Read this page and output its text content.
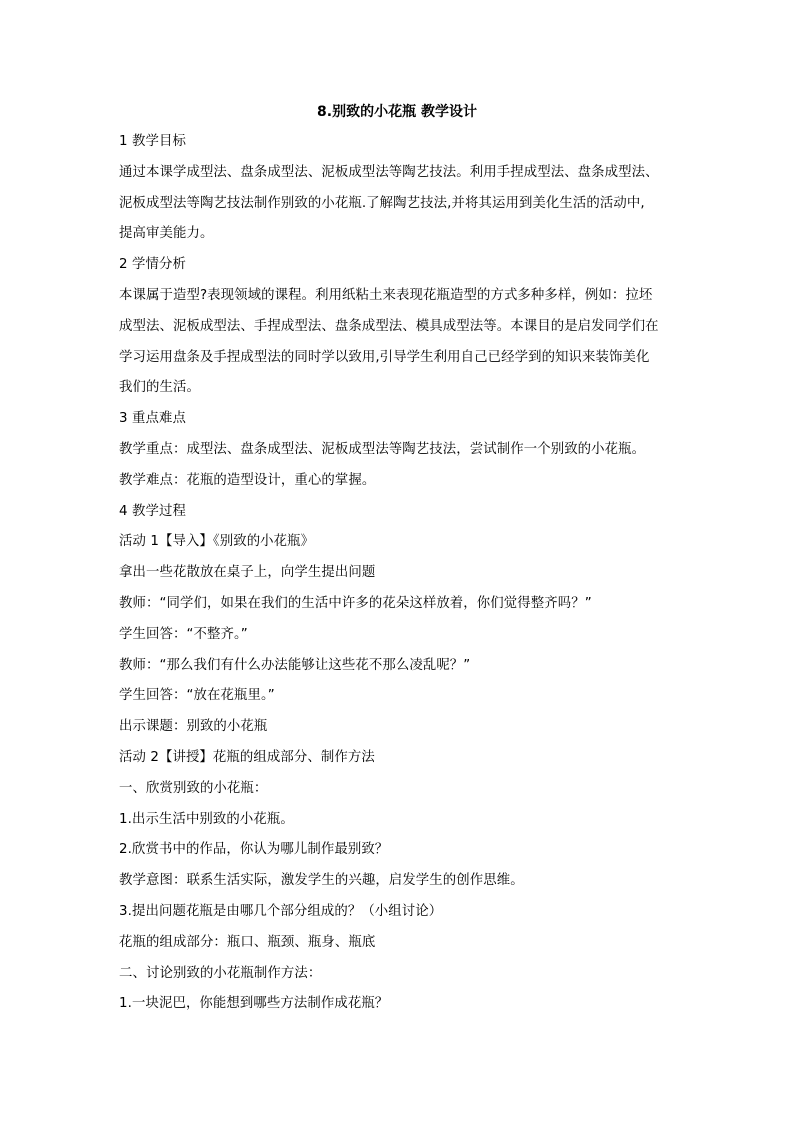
8.别致的小花瓶 教学设计
1 教学目标
通过本课学成型法、盘条成型法、泥板成型法等陶艺技法。利用手捏成型法、盘条成型法、
泥板成型法等陶艺技法制作别致的小花瓶.了解陶艺技法,并将其运用到美化生活的活动中,
提高审美能力。
2 学情分析
本课属于造型?表现领域的课程。利用纸粘土来表现花瓶造型的方式多种多样，例如：拉坯
成型法、泥板成型法、手捏成型法、盘条成型法、模具成型法等。本课目的是启发同学们在
学习运用盘条及手捏成型法的同时学以致用,引导学生利用自己已经学到的知识来装饰美化
我们的生活。
3 重点难点
教学重点：成型法、盘条成型法、泥板成型法等陶艺技法，尝试制作一个别致的小花瓶。
教学难点：花瓶的造型设计，重心的掌握。
4 教学过程
活动 1【导入】《别致的小花瓶》
拿出一些花散放在桌子上，向学生提出问题
教师：“同学们，如果在我们的生活中许多的花朵这样放着，你们觉得整齐吗？”
学生回答：“不整齐。”
教师：“那么我们有什么办法能够让这些花不那么凌乱呢？”
学生回答：“放在花瓶里。”
出示课题：别致的小花瓶
活动 2【讲授】花瓶的组成部分、制作方法
一、欣赏别致的小花瓶：
1.出示生活中别致的小花瓶。
2.欣赏书中的作品，你认为哪儿制作最别致？
教学意图：联系生活实际，激发学生的兴趣，启发学生的创作思维。
3.提出问题花瓶是由哪几个部分组成的？（小组讨论）
花瓶的组成部分：瓶口、瓶颈、瓶身、瓶底
二、讨论别致的小花瓶制作方法：
1.一块泥巴，你能想到哪些方法制作成花瓶？
